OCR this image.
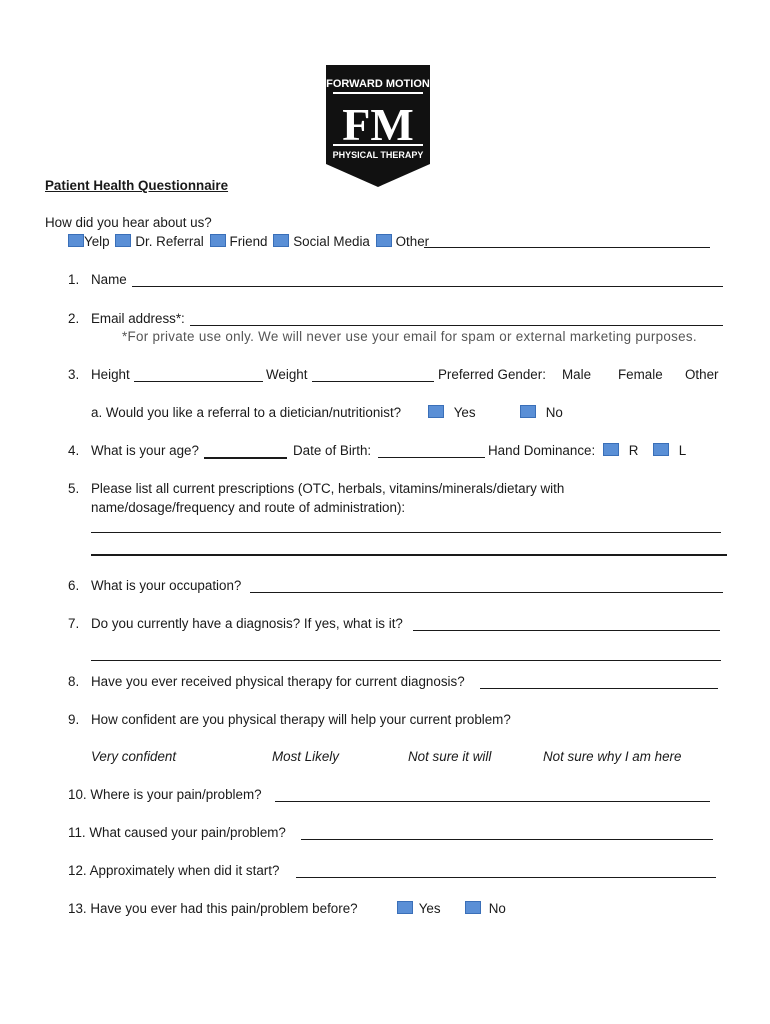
FORWARD MOTION
FM
PHYSICAL THERAPY
Patient Health Questionnaire
How did you hear about us?
Yelp Dr. Referral Friend Social Media Other
1. Name
2. Email address*:
*For private use only. We will never use your email for spam or external marketing purposes.
3. Height	Weight	Preferred Gender: Male Female Other
a. Would you like a referral to a dietician/nutritionist?	Yes	No
4. What is your age?	Date of Birth:	Hand Dominance:	R	L
5. Please list all current prescriptions (OTC, herbals, vitamins/minerals/dietary with
name/dosage/frequency and route of administration):
6. What is your occupation?
7. Do you currently have a diagnosis? If yes, what is it?
8. Have you ever received physical therapy for current diagnosis?
9. How confident are you physical therapy will help your current problem?
Very confident	Most Likely	Not sure it will	Not sure why I am here
10. Where is your pain/problem?
11. What caused your pain/problem?
12. Approximately when did it start?
13. Have you ever had this pain/problem before?	Yes	No
